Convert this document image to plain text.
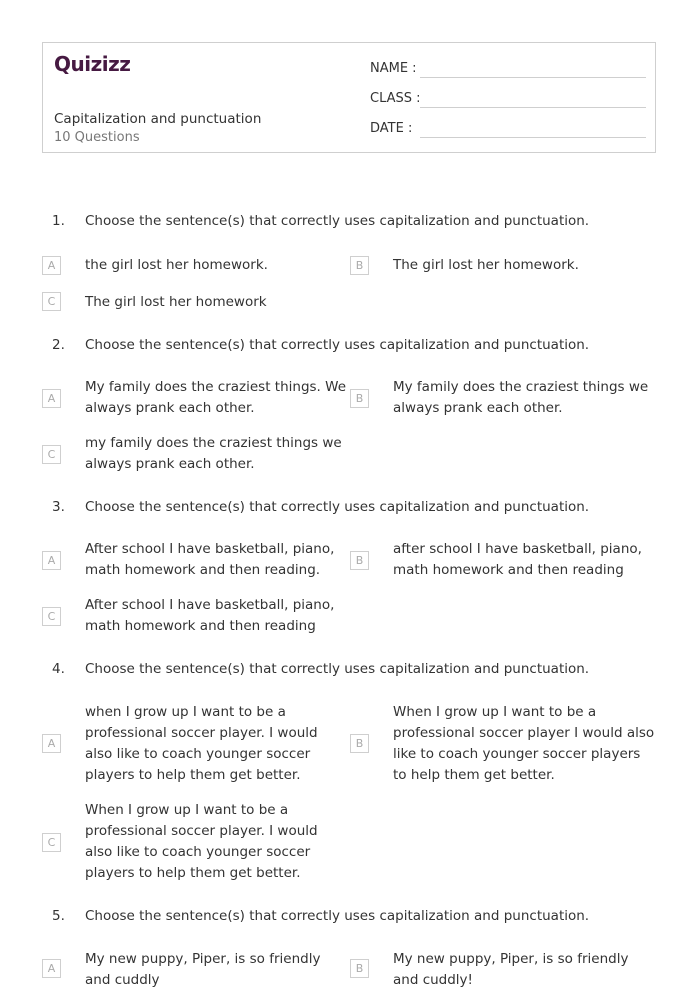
Quizizz
Capitalization and punctuation
10 Questions
NAME :
CLASS :
DATE :
1. Choose the sentence(s) that correctly uses capitalization and punctuation.
A	the girl lost her homework.	B	The girl lost her homework.
C	The girl lost her homework
2. Choose the sentence(s) that correctly uses capitalization and punctuation.
A
My family does the craziest things. We always prank each other.
B
My family does the craziest things we always prank each other.
C
my family does the craziest things we always prank each other.
3. Choose the sentence(s) that correctly uses capitalization and punctuation.
A
After school I have basketball, piano, math homework and then reading.
B
after school I have basketball, piano, math homework and then reading
C
After school I have basketball, piano, math homework and then reading
4. Choose the sentence(s) that correctly uses capitalization and punctuation.
A
when I grow up I want to be a professional soccer player. I would also like to coach younger soccer players to help them get better.
B
When I grow up I want to be a professional soccer player I would also like to coach younger soccer players to help them get better.
C
When I grow up I want to be a professional soccer player. I would also like to coach younger soccer players to help them get better.
5. Choose the sentence(s) that correctly uses capitalization and punctuation.
A
My new puppy, Piper, is so friendly and cuddly
B
My new puppy, Piper, is so friendly and cuddly!
